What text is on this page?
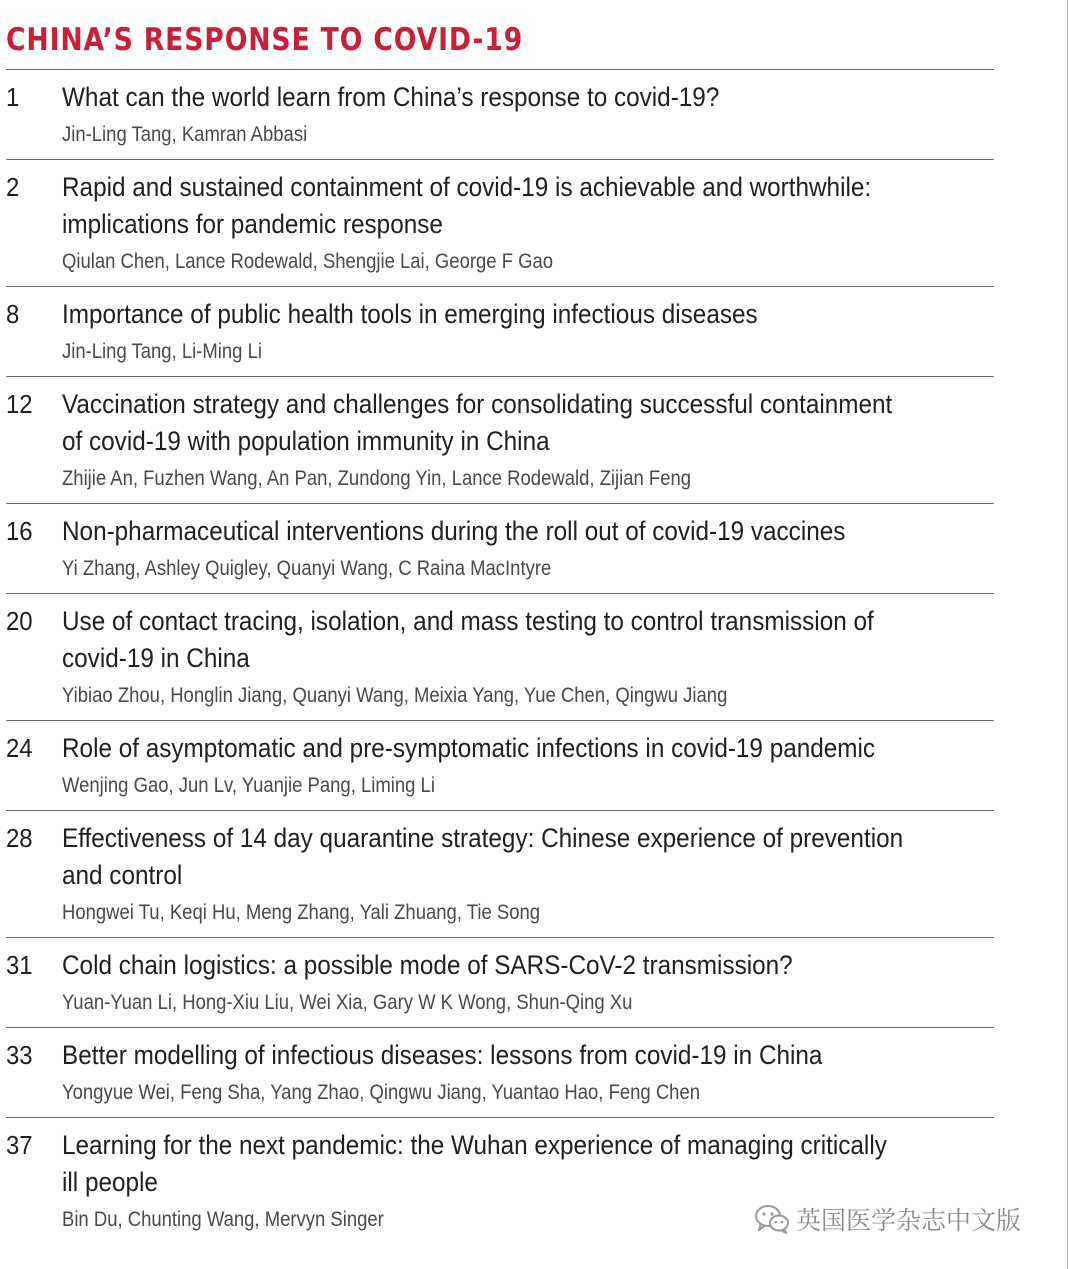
CHINA’S RESPONSE TO COVID-19
1 What can the world learn from China’s response to covid-19?
Jin-Ling Tang, Kamran Abbasi
2 Rapid and sustained containment of covid-19 is achievable and worthwhile:
implications for pandemic response
Qiulan Chen, Lance Rodewald, Shengjie Lai, George F Gao
8 Importance of public health tools in emerging infectious diseases
Jin-Ling Tang, Li-Ming Li
12 Vaccination strategy and challenges for consolidating successful containment
of covid-19 with population immunity in China
Zhijie An, Fuzhen Wang, An Pan, Zundong Yin, Lance Rodewald, Zijian Feng
16 Non-pharmaceutical interventions during the roll out of covid-19 vaccines
Yi Zhang, Ashley Quigley, Quanyi Wang, C Raina MacIntyre
20 Use of contact tracing, isolation, and mass testing to control transmission of
covid-19 in China
Yibiao Zhou, Honglin Jiang, Quanyi Wang, Meixia Yang, Yue Chen, Qingwu Jiang
24 Role of asymptomatic and pre-symptomatic infections in covid-19 pandemic
Wenjing Gao, Jun Lv, Yuanjie Pang, Liming Li
28 Effectiveness of 14 day quarantine strategy: Chinese experience of prevention
and control
Hongwei Tu, Keqi Hu, Meng Zhang, Yali Zhuang, Tie Song
31 Cold chain logistics: a possible mode of SARS-CoV-2 transmission?
Yuan-Yuan Li, Hong-Xiu Liu, Wei Xia, Gary W K Wong, Shun-Qing Xu
33 Better modelling of infectious diseases: lessons from covid-19 in China
Yongyue Wei, Feng Sha, Yang Zhao, Qingwu Jiang, Yuantao Hao, Feng Chen
37 Learning for the next pandemic: the Wuhan experience of managing critically
ill people
Bin Du, Chunting Wang, Mervyn Singer	英国医学杂志中文版
